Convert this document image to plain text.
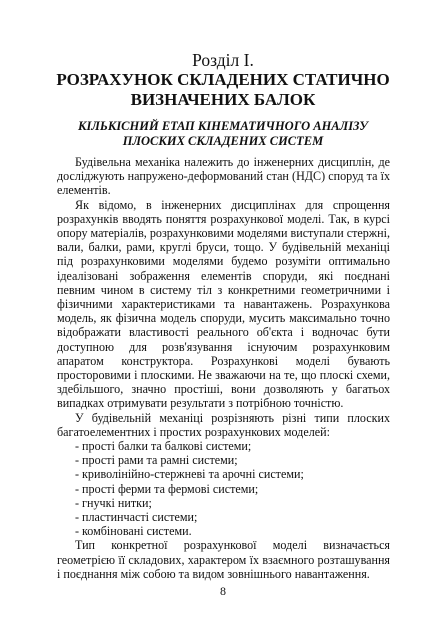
Розділ І.
РОЗРАХУНОК СКЛАДЕНИХ СТАТИЧНО
ВИЗНАЧЕНИХ БАЛОК
КІЛЬКІСНИЙ ЕТАП КІНЕМАТИЧНОГО АНАЛІЗУ
ПЛОСКИХ СКЛАДЕНИХ СИСТЕМ

Будівельна механіка належить до інженерних дисциплін, де досліджують напружено-деформований стан (НДС) споруд та їх елементів.

Як відомо, в інженерних дисциплінах для спрощення розрахунків вводять поняття розрахункової моделі. Так, в курсі опору матеріалів, розрахунковими моделями виступали стержні, вали, балки, рами, круглі бруси, тощо. У будівельній механіці під розрахунковими моделями будемо розуміти оптимально ідеалізовані зображення елементів споруди, які поєднані певним чином в систему тіл з конкретними геометричними і фізичними характеристиками та навантажень. Розрахункова модель, як фізична модель споруди, мусить максимально точно відображати властивості реального об'єкта і водночас бути доступною для розв'язування існуючим розрахунковим апаратом конструктора. Розрахункові моделі бувають просторовими і плоскими. Не зважаючи на те, що плоскі схеми, здебільшого, значно простіші, вони дозволяють у багатьох випадках отримувати результати з потрібною точністю.

У будівельній механіці розрізняють різні типи плоских багатоелементних і простих розрахункових моделей:

- прості балки та балкові системи;
- прості рами та рамні системи;
- криволінійно-стержневі та арочні системи;
- прості ферми та фермові системи;
- гнучкі нитки;
- пластинчасті системи;
- комбіновані системи.

Тип конкретної розрахункової моделі визначається геометрією її складових, характером їх взаємного розташування і поєднання між собою та видом зовнішнього навантаження.

8
